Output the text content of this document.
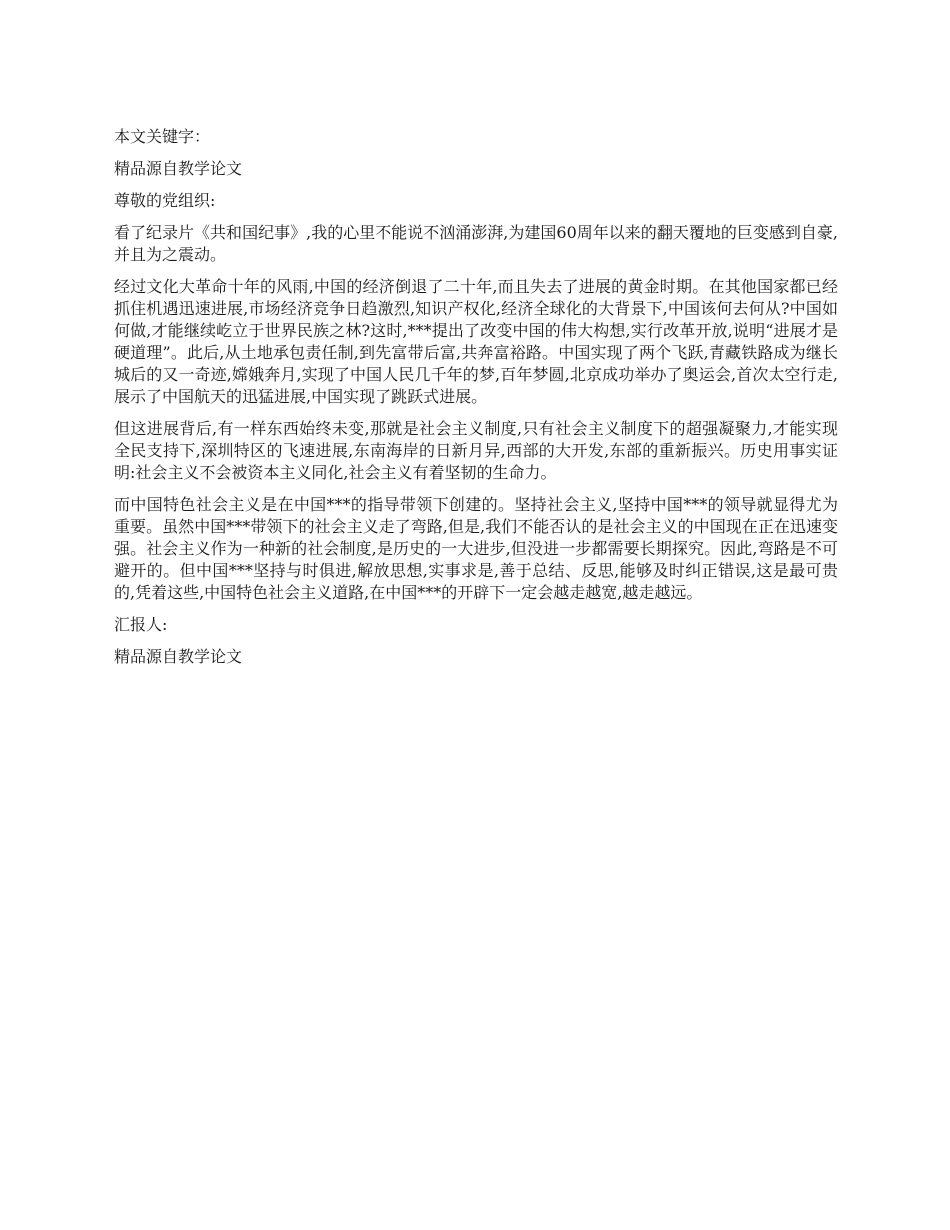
本文关键字：

精品源自教学论文

尊敬的党组织:

看了纪录片《共和国纪事》,我的心里不能说不汹涌澎湃,为建国60周年以来的翻天覆地的巨变感到自豪,并且为之震动。

经过文化大革命十年的风雨,中国的经济倒退了二十年,而且失去了进展的黄金时期。在其他国家都已经抓住机遇迅速进展,市场经济竞争日趋激烈,知识产权化,经济全球化的大背景下,中国该何去何从?中国如何做,才能继续屹立于世界民族之林?这时,***提出了改变中国的伟大构想,实行改革开放,说明“进展才是硬道理”。此后,从土地承包责任制,到先富带后富,共奔富裕路。中国实现了两个飞跃,青藏铁路成为继长城后的又一奇迹,嫦娥奔月,实现了中国人民几千年的梦,百年梦圆,北京成功举办了奥运会,首次太空行走,展示了中国航天的迅猛进展,中国实现了跳跃式进展。

但这进展背后,有一样东西始终未变,那就是社会主义制度,只有社会主义制度下的超强凝聚力,才能实现全民支持下,深圳特区的飞速进展,东南海岸的日新月异,西部的大开发,东部的重新振兴。历史用事实证明:社会主义不会被资本主义同化,社会主义有着坚韧的生命力。

而中国特色社会主义是在中国***的指导带领下创建的。坚持社会主义,坚持中国***的领导就显得尤为重要。虽然中国***带领下的社会主义走了弯路,但是,我们不能否认的是社会主义的中国现在正在迅速变强。社会主义作为一种新的社会制度,是历史的一大进步,但没进一步都需要长期探究。因此,弯路是不可避开的。但中国***坚持与时俱进,解放思想,实事求是,善于总结、反思,能够及时纠正错误,这是最可贵的,凭着这些,中国特色社会主义道路,在中国***的开辟下一定会越走越宽,越走越远。

汇报人:

精品源自教学论文
